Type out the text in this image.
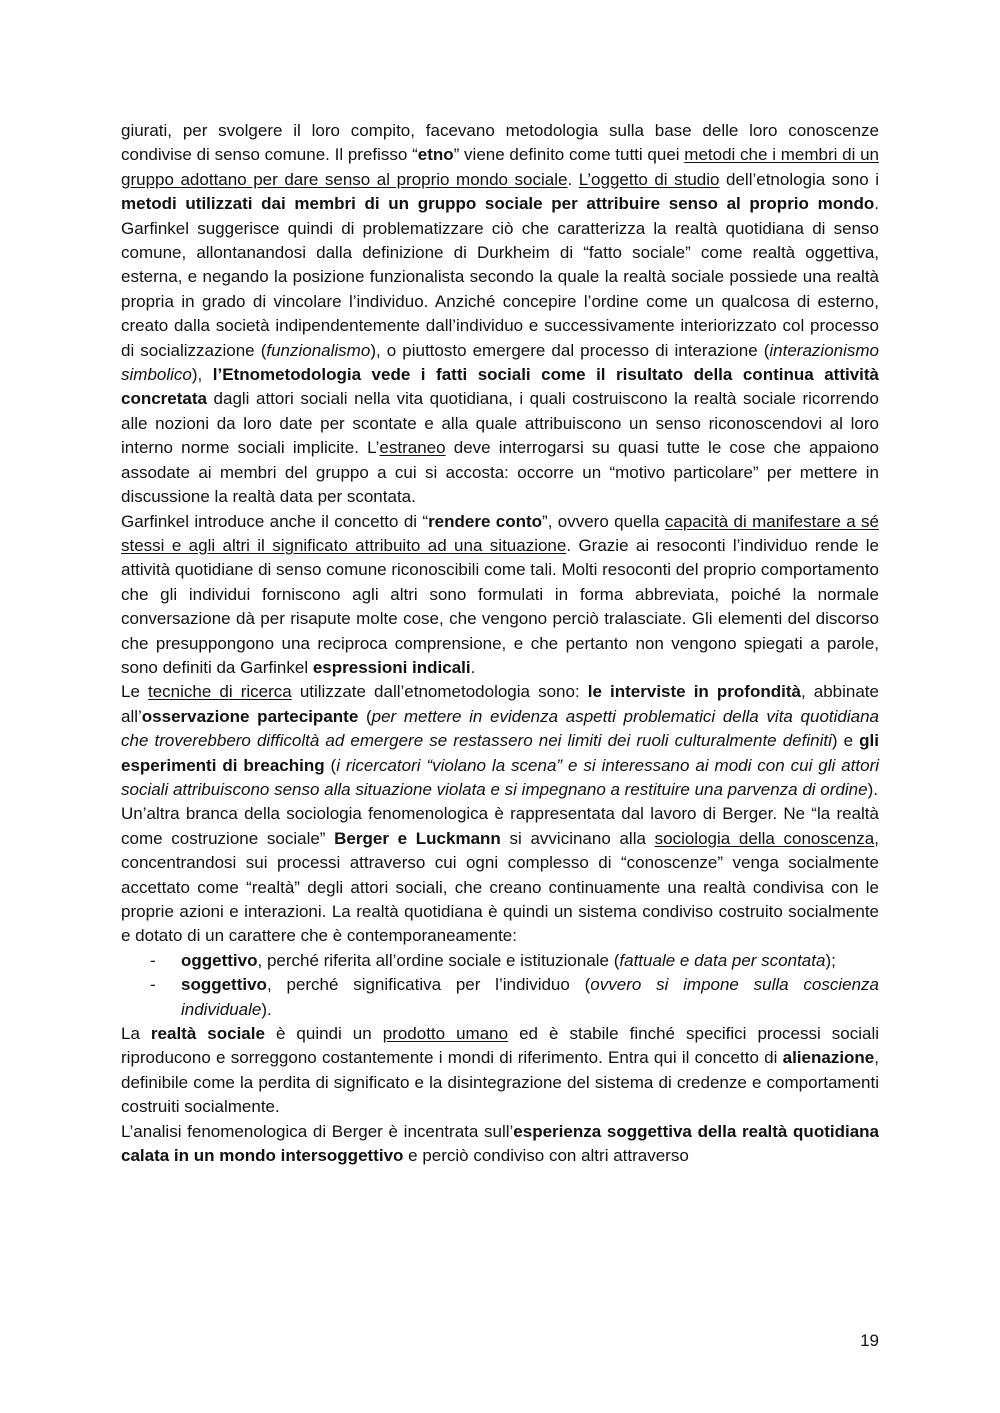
giurati, per svolgere il loro compito, facevano metodologia sulla base delle loro conoscenze condivise di senso comune. Il prefisso “etno” viene definito come tutti quei metodi che i membri di un gruppo adottano per dare senso al proprio mondo sociale. L’oggetto di studio dell’etnologia sono i metodi utilizzati dai membri di un gruppo sociale per attribuire senso al proprio mondo. Garfinkel suggerisce quindi di problematizzare ciò che caratterizza la realtà quotidiana di senso comune, allontanandosi dalla definizione di Durkheim di “fatto sociale” come realtà oggettiva, esterna, e negando la posizione funzionalista secondo la quale la realtà sociale possiede una realtà propria in grado di vincolare l’individuo. Anziché concepire l’ordine come un qualcosa di esterno, creato dalla società indipendentemente dall’individuo e successivamente interiorizzato col processo di socializzazione (funzionalismo), o piuttosto emergere dal processo di interazione (interazionismo simbolico), l’Etnometodologia vede i fatti sociali come il risultato della continua attività concretata dagli attori sociali nella vita quotidiana, i quali costruiscono la realtà sociale ricorrendo alle nozioni da loro date per scontate e alla quale attribuiscono un senso riconoscendovi al loro interno norme sociali implicite. L’estraneo deve interrogarsi su quasi tutte le cose che appaiono assodate ai membri del gruppo a cui si accosta: occorre un “motivo particolare” per mettere in discussione la realtà data per scontata.

Garfinkel introduce anche il concetto di “rendere conto”, ovvero quella capacità di manifestare a sé stessi e agli altri il significato attribuito ad una situazione. Grazie ai resoconti l’individuo rende le attività quotidiane di senso comune riconoscibili come tali. Molti resoconti del proprio comportamento che gli individui forniscono agli altri sono formulati in forma abbreviata, poiché la normale conversazione dà per risapute molte cose, che vengono perciò tralasciate. Gli elementi del discorso che presuppongono una reciproca comprensione, e che pertanto non vengono spiegati a parole, sono definiti da Garfinkel espressioni indicali.

Le tecniche di ricerca utilizzate dall’etnometodologia sono: le interviste in profondità, abbinate all’osservazione partecipante (per mettere in evidenza aspetti problematici della vita quotidiana che troverebbero difficoltà ad emergere se restassero nei limiti dei ruoli culturalmente definiti) e gli esperimenti di breaching (i ricercatori “violano la scena” e si interessano ai modi con cui gli attori sociali attribuiscono senso alla situazione violata e si impegnano a restituire una parvenza di ordine).

Un’altra branca della sociologia fenomenologica è rappresentata dal lavoro di Berger. Ne “la realtà come costruzione sociale” Berger e Luckmann si avvicinano alla sociologia della conoscenza, concentrandosi sui processi attraverso cui ogni complesso di “conoscenze” venga socialmente accettato come “realtà” degli attori sociali, che creano continuamente una realtà condivisa con le proprie azioni e interazioni. La realtà quotidiana è quindi un sistema condiviso costruito socialmente e dotato di un carattere che è contemporaneamente:

- oggettivo, perché riferita all’ordine sociale e istituzionale (fattuale e data per scontata);
- soggettivo, perché significativa per l’individuo (ovvero si impone sulla coscienza individuale).

La realtà sociale è quindi un prodotto umano ed è stabile finché specifici processi sociali riproducono e sorreggono costantemente i mondi di riferimento. Entra qui il concetto di alienazione, definibile come la perdita di significato e la disintegrazione del sistema di credenze e comportamenti costruiti socialmente.

L’analisi fenomenologica di Berger è incentrata sull’esperienza soggettiva della realtà quotidiana calata in un mondo intersoggettivo e perciò condiviso con altri attraverso

19
